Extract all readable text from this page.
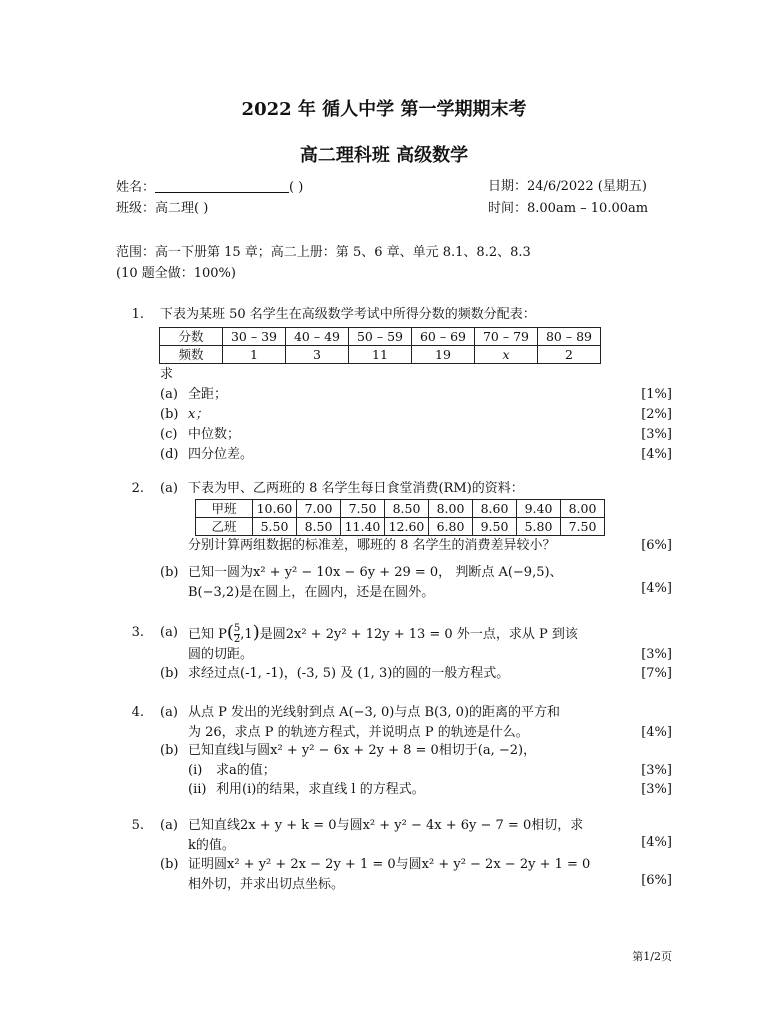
2022 年 循人中学 第一学期期末考
高二理科班 高级数学
姓名：	( )
班级：高二理( )
日期：24/6/2022 (星期五)
时间：8.00am – 10.00am
范围：高一下册第 15 章；高二上册：第 5、6 章、单元 8.1、8.2、8.3
(10 题全做：100%)
1. 下表为某班 50 名学生在高级数学考试中所得分数的频数分配表：
分数	30 – 39	40 – 49	50 – 59	60 – 69	70 – 79	80 – 89
频数	1	3	11	19	x	2
求
(a) 全距；	[1%]
(b) x；	[2%]
(c) 中位数；	[3%]
(d) 四分位差。	[4%]
2. (a) 下表为甲、乙两班的 8 名学生每日食堂消费(RM)的资料：
甲班	10.60	7.00	7.50	8.50	8.00	8.60	9.40	8.00
乙班	5.50	8.50	11.40	12.60	6.80	9.50	5.80	7.50
分别计算两组数据的标准差，哪班的 8 名学生的消费差异较小？	[6%]
(b) 已知一圆为x² + y² − 10x − 6y + 29 = 0， 判断点 A(−9,5)、
B(−3,2)是在圆上，在圆内，还是在圆外。	[4%]
3. (a) 已知 $P( \frac{5}{2} ,1)$是圆2x² + 2y² + 12y + 13 = 0 外一点，求从 P 到该
圆的切距。	[3%]
(b) 求经过点(-1, -1)，(-3, 5) 及 (1, 3)的圆的一般方程式。	[7%]
4. (a) 从点 P 发出的光线射到点 A(−3, 0)与点 B(3, 0)的距离的平方和
为 26，求点 P 的轨迹方程式，并说明点 P 的轨迹是什么。	[4%]
(b) 已知直线l与圆x² + y² − 6x + 2y + 8 = 0相切于(a, −2)，
(i) 求a的值；	[3%]
(ii) 利用(i)的结果，求直线 l 的方程式。	[3%]
5. (a) 已知直线2x + y + k = 0与圆x² + y² − 4x + 6y − 7 = 0相切，求
k的值。	[4%]
(b) 证明圆x² + y² + 2x − 2y + 1 = 0与圆x² + y² − 2x − 2y + 1 = 0
相外切，并求出切点坐标。	[6%]
第1/2页
